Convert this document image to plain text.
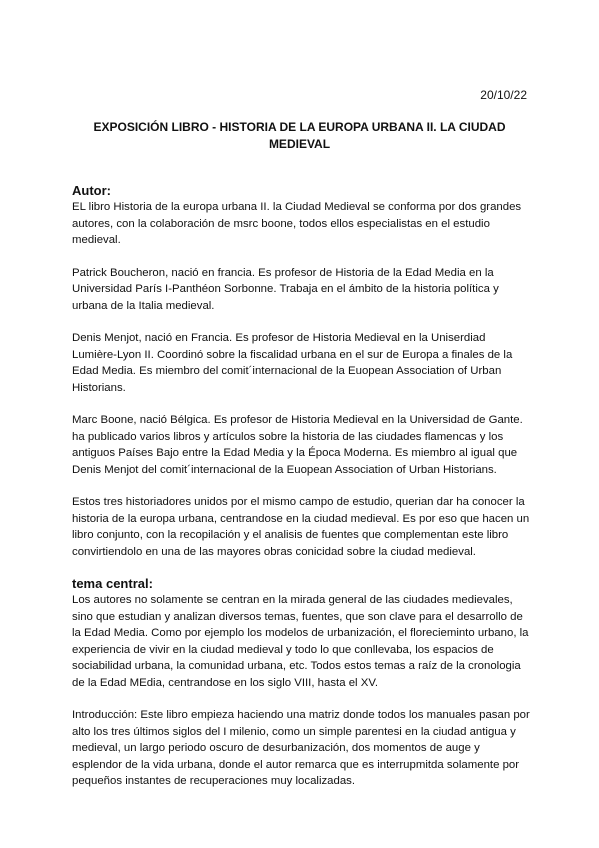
20/10/22
EXPOSICIÓN LIBRO - HISTORIA DE LA EUROPA URBANA II. LA CIUDAD MEDIEVAL
Autor:

EL libro Historia de la europa urbana II. la Ciudad Medieval se conforma por dos grandes autores, con la colaboración de msrc boone, todos ellos especialistas en el estudio medieval.

Patrick Boucheron, nació en francia. Es profesor de Historia de la Edad Media en la Universidad París I-Panthéon Sorbonne. Trabaja en el ámbito de la historia política y urbana de la Italia medieval.

Denis Menjot, nació en Francia. Es profesor de Historia Medieval en la Uniserdiad Lumière-Lyon II. Coordinó sobre la fiscalidad urbana en el sur de Europa a finales de la Edad Media. Es miembro del comit´internacional de la Euopean Association of Urban Historians.

Marc Boone, nació Bélgica. Es profesor de Historia Medieval en la Universidad de Gante. ha publicado varios libros y artículos sobre la historia de las ciudades flamencas y los antiguos Países Bajo entre la Edad Media y la Época Moderna. Es miembro al igual que Denis Menjot del comit´internacional de la Euopean Association of Urban Historians.

Estos tres historiadores unidos por el mismo campo de estudio, querian dar ha conocer la historia de la europa urbana, centrandose en la ciudad medieval. Es por eso que hacen un libro conjunto, con la recopilación y el analisis de fuentes que complementan este libro convirtiendolo en una de las mayores obras conicidad sobre la ciudad medieval.

tema central:

Los autores no solamente se centran en la mirada general de las ciudades medievales, sino que estudian y analizan diversos temas, fuentes, que son clave para el desarrollo de la Edad Media. Como por ejemplo los modelos de urbanización, el florecieminto urbano, la experiencia de vivir en la ciudad medieval y todo lo que conllevaba, los espacios de sociabilidad urbana, la comunidad urbana, etc. Todos estos temas a raíz de la cronologia de la Edad MEdia, centrandose en los siglo VIII, hasta el XV.

Introducción: Este libro empieza haciendo una matriz donde todos los manuales pasan por alto los tres últimos siglos del I milenio, como un simple parentesi en la ciudad antigua y medieval, un largo periodo oscuro de desurbanización, dos momentos de auge y esplendor de la vida urbana, donde el autor remarca que es interrupmitda solamente por pequeños instantes de recuperaciones muy localizadas.
